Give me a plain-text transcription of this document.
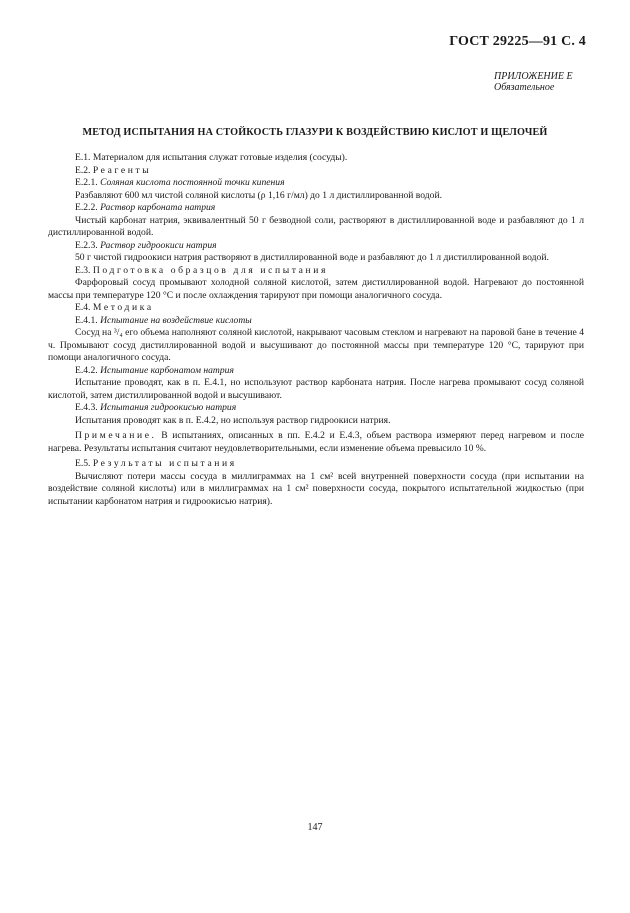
ГОСТ 29225—91 С. 4
ПРИЛОЖЕНИЕ Е
Обязательное
МЕТОД ИСПЫТАНИЯ НА СТОЙКОСТЬ ГЛАЗУРИ К ВОЗДЕЙСТВИЮ КИСЛОТ И ЩЕЛОЧЕЙ

Е.1. Материалом для испытания служат готовые изделия (сосуды).

Е.2. Реагенты

Е.2.1. Соляная кислота постоянной точки кипения

Разбавляют 600 мл чистой соляной кислоты (ρ 1,16 г/мл) до 1 л дистиллированной водой.

Е.2.2. Раствор карбоната натрия

Чистый карбонат натрия, эквивалентный 50 г безводной соли, растворяют в дистиллированной воде и разбавляют до 1 л дистиллированной водой.

Е.2.3. Раствор гидроокиси натрия

50 г чистой гидроокиси натрия растворяют в дистиллированной воде и разбавляют до 1 л дистиллированной водой.

Е.3. Подготовка образцов для испытания

Фарфоровый сосуд промывают холодной соляной кислотой, затем дистиллированной водой. Нагревают до постоянной массы при температуре 120 °С и после охлаждения тарируют при помощи аналогичного сосуда.

Е.4. Методика

Е.4.1. Испытание на воздействие кислоты

Сосуд на ³/₄ его объема наполняют соляной кислотой, накрывают часовым стеклом и нагревают на паровой бане в течение 4 ч. Промывают сосуд дистиллированной водой и высушивают до постоянной массы при температуре 120 °С, тарируют при помощи аналогичного сосуда.

Е.4.2. Испытание карбонатом натрия

Испытание проводят, как в п. Е.4.1, но используют раствор карбоната натрия. После нагрева промывают сосуд соляной кислотой, затем дистиллированной водой и высушивают.

Е.4.3. Испытания гидроокисью натрия

Испытания проводят как в п. Е.4.2, но используя раствор гидроокиси натрия.

Примечание. В испытаниях, описанных в пп. Е.4.2 и Е.4.3, объем раствора измеряют перед нагревом и после нагрева. Результаты испытания считают неудовлетворительными, если изменение объема превысило 10 %.

Е.5. Результаты испытания

Вычисляют потери массы сосуда в миллиграммах на 1 см² всей внутренней поверхности сосуда (при испытании на воздействие соляной кислоты) или в миллиграммах на 1 см² поверхности сосуда, покрытого испытательной жидкостью (при испытании карбонатом натрия и гидроокисью натрия).

147
